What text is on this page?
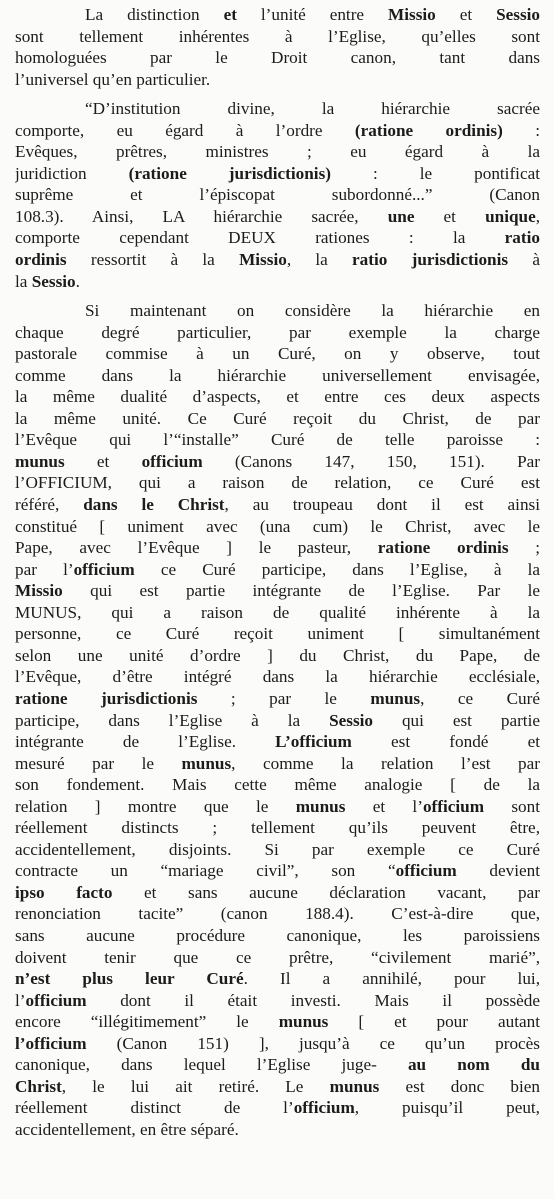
La distinction et l’unité entre Missio et Sessio
sont tellement inhérentes à l’Eglise, qu’elles sont
homologuées par le Droit canon, tant dans
l’universel qu’en particulier.
“D’institution divine, la hiérarchie sacrée
comporte, eu égard à l’ordre (ratione ordinis) :
Evêques, prêtres, ministres ; eu égard à la
juridiction (ratione jurisdictionis) : le pontificat
suprême et l’épiscopat subordonné...” (Canon
108.3). Ainsi, LA hiérarchie sacrée, une et unique,
comporte cependant DEUX rationes : la ratio
ordinis ressortit à la Missio, la ratio jurisdictionis à
la Sessio.
Si maintenant on considère la hiérarchie en
chaque degré particulier, par exemple la charge
pastorale commise à un Curé, on y observe, tout
comme dans la hiérarchie universellement envisagée,
la même dualité d’aspects, et entre ces deux aspects
la même unité. Ce Curé reçoit du Christ, de par
l’Evêque qui l’“installe” Curé de telle paroisse :
munus et officium (Canons 147, 150, 151). Par
l’OFFICIUM, qui a raison de relation, ce Curé est
référé, dans le Christ, au troupeau dont il est ainsi
constitué [ uniment avec (una cum) le Christ, avec le
Pape, avec l’Evêque ] le pasteur, ratione ordinis ;
par l’officium ce Curé participe, dans l’Eglise, à la
Missio qui est partie intégrante de l’Eglise. Par le
MUNUS, qui a raison de qualité inhérente à la
personne, ce Curé reçoit uniment [ simultanément
selon une unité d’ordre ] du Christ, du Pape, de
l’Evêque, d’être intégré dans la hiérarchie ecclésiale,
ratione jurisdictionis ; par le munus, ce Curé
participe, dans l’Eglise à la Sessio qui est partie
intégrante de l’Eglise. L’officium est fondé et
mesuré par le munus, comme la relation l’est par
son fondement. Mais cette même analogie [ de la
relation ] montre que le munus et l’officium sont
réellement distincts ; tellement qu’ils peuvent être,
accidentellement, disjoints. Si par exemple ce Curé
contracte un “mariage civil”, son “officium devient
ipso facto et sans aucune déclaration vacant, par
renonciation tacite” (canon 188.4). C’est-à-dire que,
sans aucune procédure canonique, les paroissiens
doivent tenir que ce prêtre, “civilement marié”,
n’est plus leur Curé. Il a annihilé, pour lui,
l’officium dont il était investi. Mais il possède
encore “illégitimement” le munus [ et pour autant
l’officium (Canon 151) ], jusqu’à ce qu’un procès
canonique, dans lequel l’Eglise juge- au nom du
Christ, le lui ait retiré. Le munus est donc bien
réellement distinct de l’officium, puisqu’il peut,
accidentellement, en être séparé.
